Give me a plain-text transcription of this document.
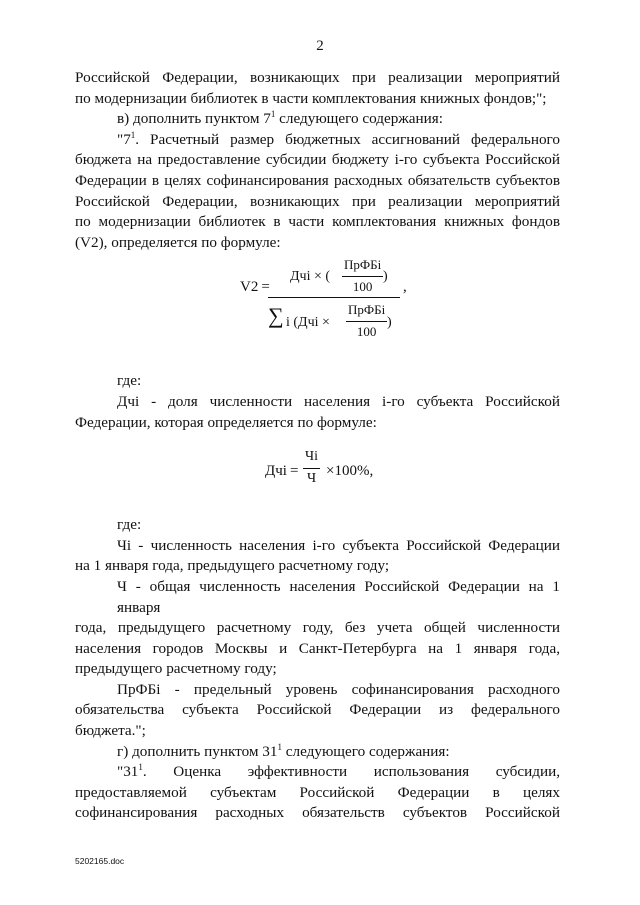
2
Российской Федерации, возникающих при реализации мероприятий
по модернизации библиотек в части комплектования книжных фондов;";
в) дополнить пунктом $7^1$ следующего содержания:
"$7^1$. Расчетный размер бюджетных ассигнований федерального
бюджета на предоставление субсидии бюджету i-го субъекта Российской
Федерации в целях софинансирования расходных обязательств субъектов
Российской Федерации, возникающих при реализации мероприятий
по модернизации библиотек в части комплектования книжных фондов
(V2), определяется по формуле:
V2 =
Дчi × ( $\frac{\text{ПрФБi}}{100}$ )
∑ i ($Дчi \times \frac{\text{ПрФБi}}{100}$ )
,
где:
Дчi - доля численности населения i-го субъекта Российской
Федерации, которая определяется по формуле:
Дчi = $\frac{Чi}{Ч} \times 100\%$,
где:
Чi - численность населения i-го субъекта Российской Федерации
на 1 января года, предыдущего расчетному году;
Ч - общая численность населения Российской Федерации на 1 января
года, предыдущего расчетному году, без учета общей численности
населения городов Москвы и Санкт-Петербурга на 1 января года,
предыдущего расчетному году;
ПрФБi - предельный уровень софинансирования расходного
обязательства субъекта Российской Федерации из федерального
бюджета.";
г) дополнить пунктом $31^1$ следующего содержания:
"$31^1$. Оценка эффективности использования субсидии,
предоставляемой субъектам Российской Федерации в целях
софинансирования расходных обязательств субъектов Российской
5202165.doc
